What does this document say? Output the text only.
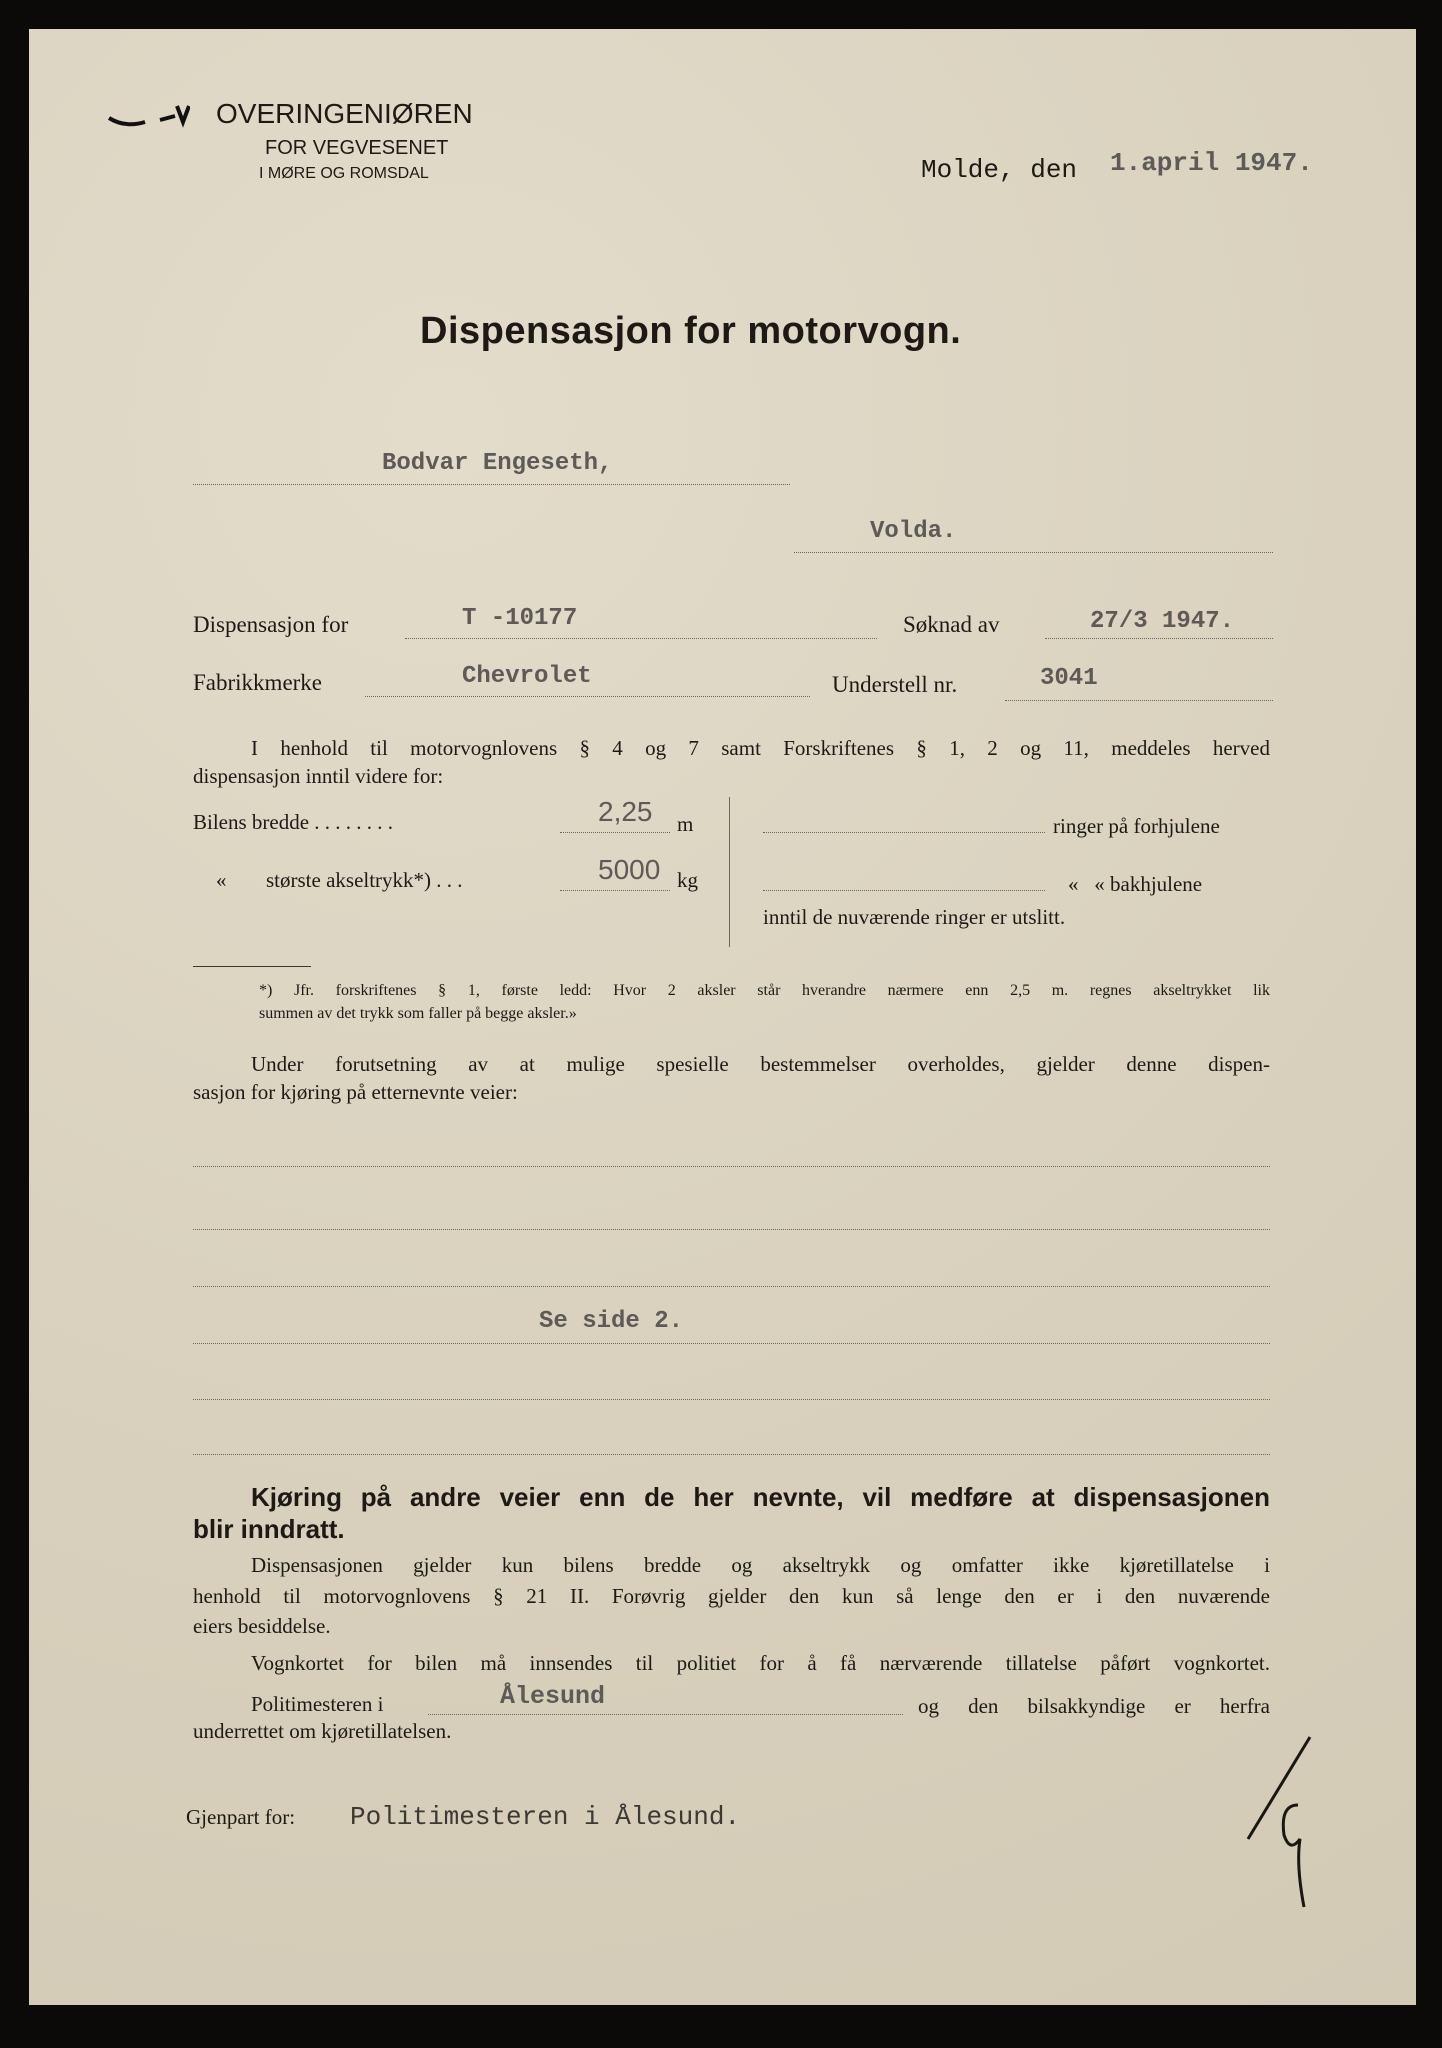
OVERINGENIØREN
FOR VEGVESENET
I MØRE OG ROMSDAL	Molde, den 1.april 1947.
Dispensasjon for motorvogn.
Bodvar Engeseth,
Volda.
Dispensasjon for	T -10177	Søknad av	27/3 1947.
Fabrikkmerke	Chevrolet	Understell nr.	3041
I henhold til motorvognlovens § 4 og 7 samt Forskriftenes § 1, 2 og 11, meddeles herved
dispensasjon inntil videre for:
Bilens bredde . . . . . . . .	2,25 m
« største akseltrykk*) . . .	5000 kg
ringer på forhjulene
«   « bakhjulene
inntil de nuværende ringer er utslitt.
*) Jfr. forskriftenes § 1, første ledd: Hvor 2 aksler står hverandre nærmere enn 2,5 m. regnes akseltrykket lik
summen av det trykk som faller på begge aksler.»
Under forutsetning av at mulige spesielle bestemmelser overholdes, gjelder denne dispen-
sasjon for kjøring på etternevnte veier:
Se side 2.
Kjøring på andre veier enn de her nevnte, vil medføre at dispensasjonen
blir inndratt.
Dispensasjonen gjelder kun bilens bredde og akseltrykk og omfatter ikke kjøretillatelse i
henhold til motorvognlovens § 21 II. Forøvrig gjelder den kun så lenge den er i den nuværende
eiers besiddelse.
Vognkortet for bilen må innsendes til politiet for å få nærværende tillatelse påført vognkortet.
Politimesteren i	Ålesund	og den bilsakkyndige er herfra
underrettet om kjøretillatelsen.
Gjenpart for: Politimesteren i Ålesund.
